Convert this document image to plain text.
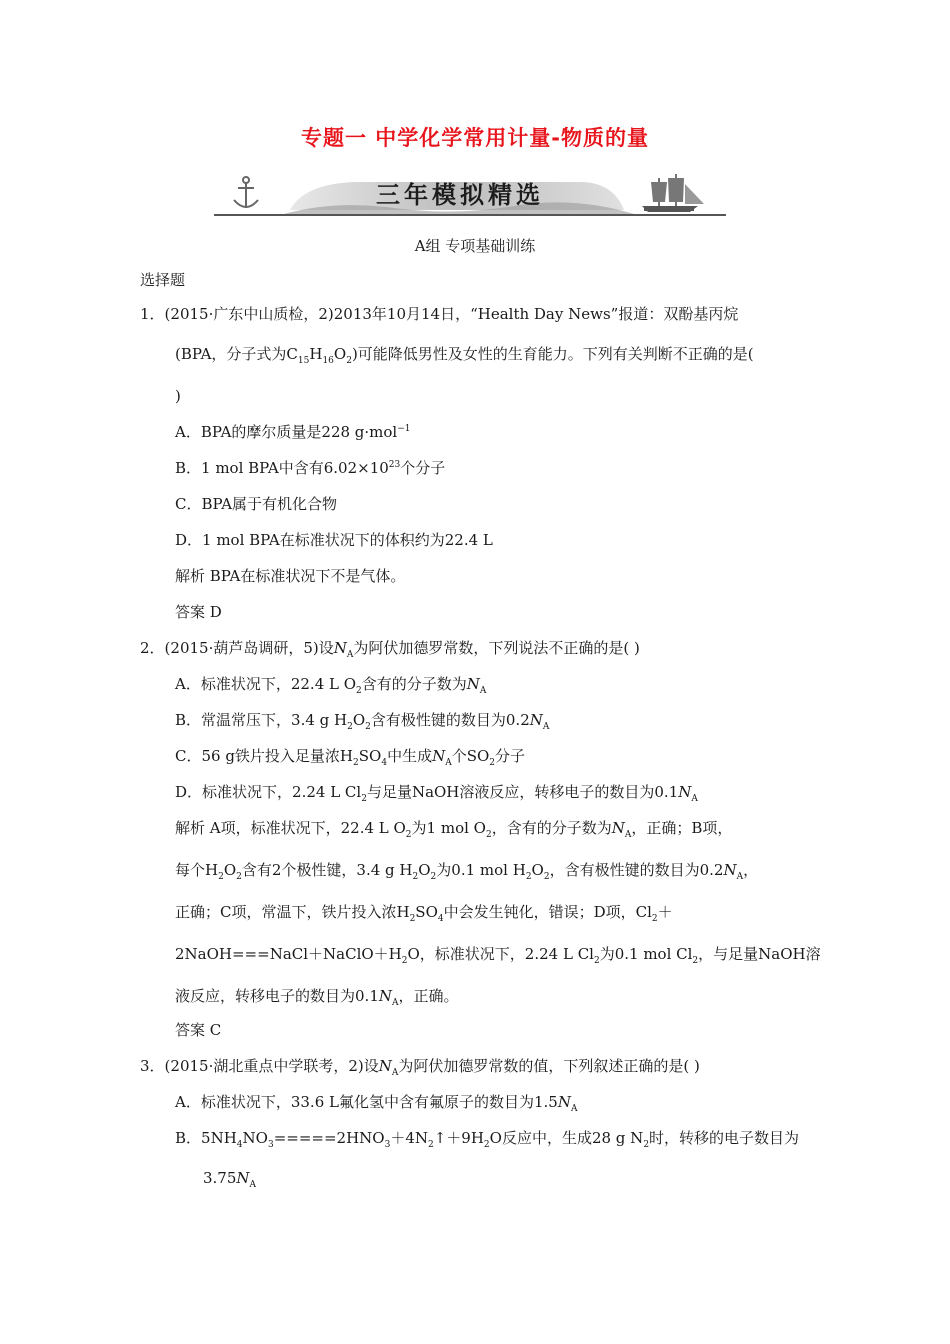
专题一 中学化学常用计量-物质的量
三年模拟精选
A组 专项基础训练
选择题
1．(2015·广东中山质检，2)2013年10月14日，“Health Day News”报道：双酚基丙烷
(BPA，分子式为$C_{15}H_{16}O_2$)可能降低男性及女性的生育能力。下列有关判断不正确的是(
)
A．BPA的摩尔质量是228 g·mol$^{-1}$
B．1 mol BPA中含有$6.02\times 10^{23}$个分子
C．BPA属于有机化合物
D．1 mol BPA在标准状况下的体积约为22.4 L
解析 BPA在标准状况下不是气体。
答案 D
2．(2015·葫芦岛调研，5)设$N_A$为阿伏加德罗常数，下列说法不正确的是( )
A．标准状况下，22.4 L $O_2$含有的分子数为$N_A$
B．常温常压下，3.4 g $H_2O_2$含有极性键的数目为$0.2N_A$
C．56 g铁片投入足量浓$H_2SO_4$中生成$N_A$个$SO_2$分子
D．标准状况下，2.24 L $Cl_2$与足量NaOH溶液反应，转移电子的数目为$0.1N_A$
解析 A项，标准状况下，22.4 L $O_2$为1 mol $O_2$，含有的分子数为$N_A$，正确；B项，
每个$H_2O_2$含有2个极性键，3.4 g $H_2O_2$为0.1 mol $H_2O_2$，含有极性键的数目为$0.2N_A$，
正确；C项，常温下，铁片投入浓$H_2SO_4$中会发生钝化，错误；D项，$Cl_2+$
$2NaOH===NaCl+NaClO+H_2O$，标准状况下，2.24 L $Cl_2$为0.1 mol $Cl_2$，与足量NaOH溶
液反应，转移电子的数目为$0.1N_A$，正确。
答案 C
3．(2015·湖北重点中学联考，2)设$N_A$为阿伏加德罗常数的值，下列叙述正确的是( )
A．标准状况下，33.6 L氟化氢中含有氟原子的数目为$1.5N_A$
B．$5NH_4NO_3=====2HNO_3+4N_2↑+9H_2O$反应中，生成28 g $N_2$时，转移的电子数目为
$3.75N_A$
